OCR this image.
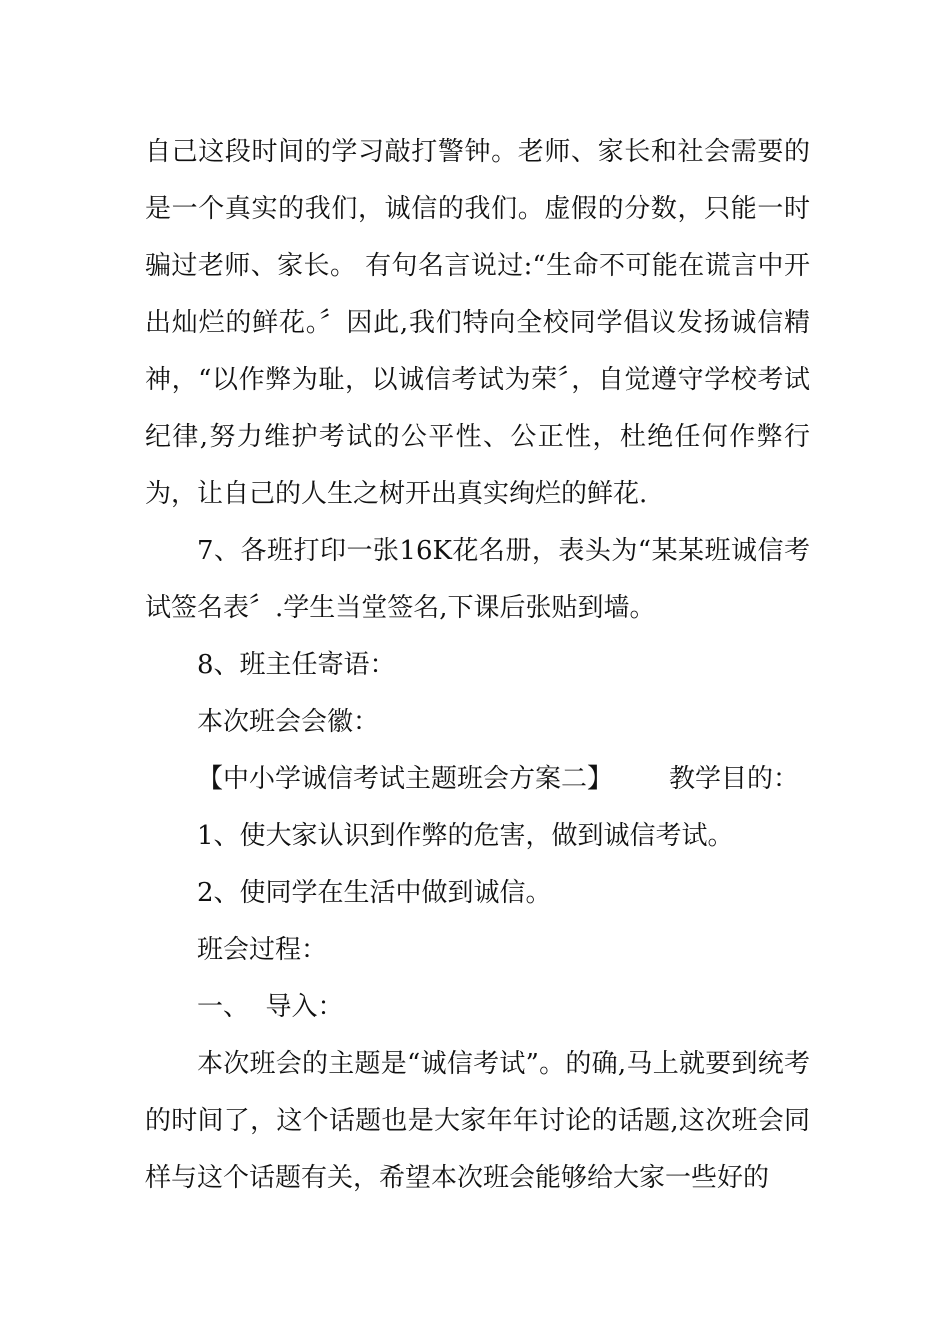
自己这段时间的学习敲打警钟。老师、家长和社会需要的是一个真实的我们，诚信的我们。虚假的分数，只能一时骗过老师、家长。 有句名言说过:“生命不可能在谎言中开出灿烂的鲜花。〞因此,我们特向全校同学倡议发扬诚信精神，“以作弊为耻，以诚信考试为荣〞，自觉遵守学校考试纪律,努力维护考试的公平性、公正性，杜绝任何作弊行为，让自己的人生之树开出真实绚烂的鲜花.

7、各班打印一张16K花名册，表头为“某某班诚信考试签名表〞.学生当堂签名,下课后张贴到墙。

8、班主任寄语：

本次班会会徽：

【中小学诚信考试主题班会方案二】 教学目的：

1、使大家认识到作弊的危害，做到诚信考试。

2、使同学在生活中做到诚信。

班会过程：

一、  导入：

本次班会的主题是“诚信考试”。的确,马上就要到统考的时间了，这个话题也是大家年年讨论的话题,这次班会同样与这个话题有关，希望本次班会能够给大家一些好的
